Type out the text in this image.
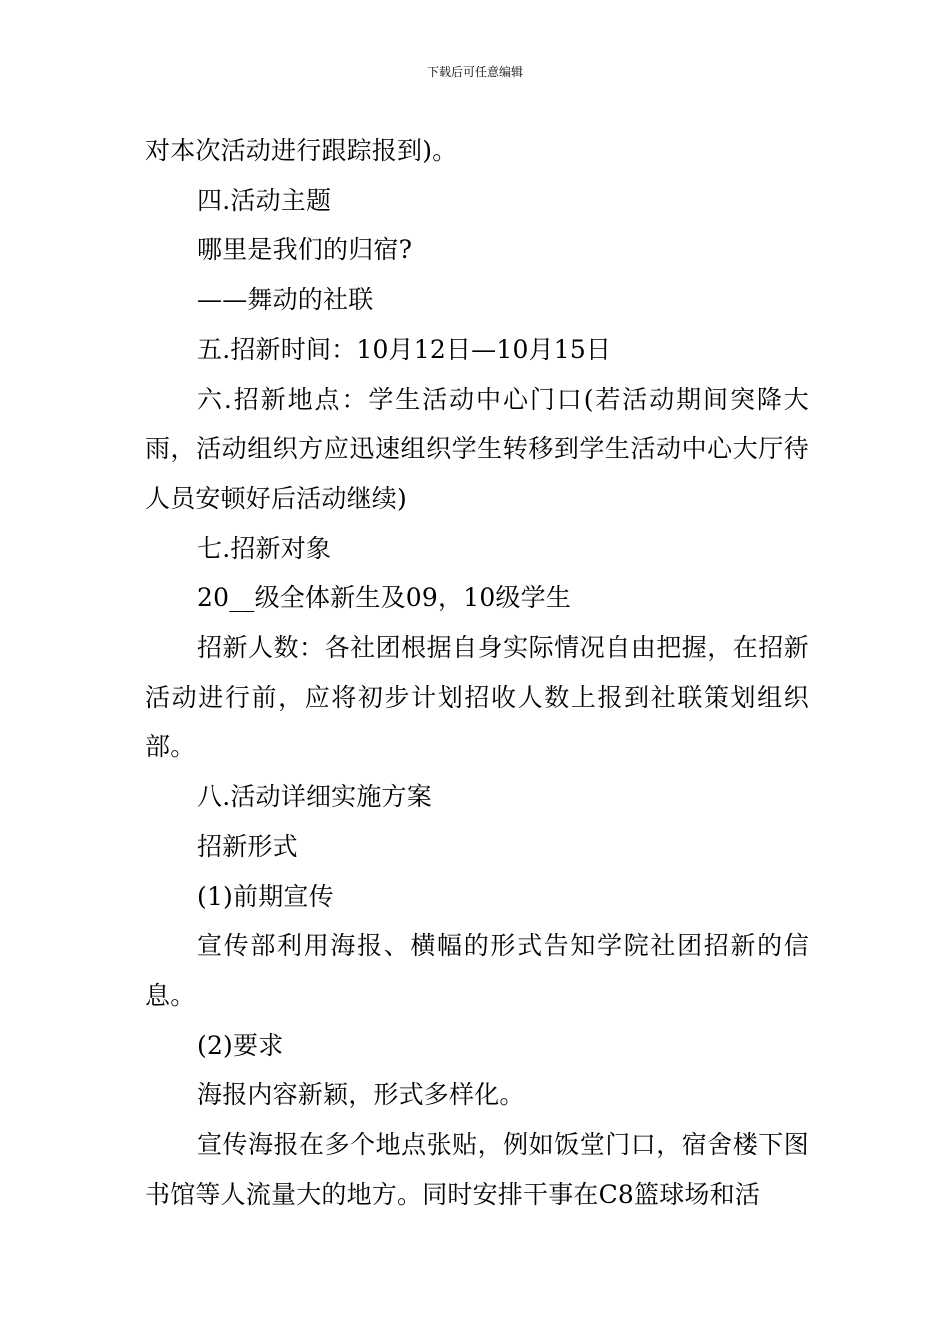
下载后可任意编辑

对本次活动进行跟踪报到)。

四.活动主题

哪里是我们的归宿?

——舞动的社联

五.招新时间：10月12日—10月15日

六.招新地点：学生活动中心门口(若活动期间突降大雨，活动组织方应迅速组织学生转移到学生活动中心大厅待人员安顿好后活动继续)

七.招新对象

20__级全体新生及09，10级学生

招新人数：各社团根据自身实际情况自由把握，在招新活动进行前，应将初步计划招收人数上报到社联策划组织部。

八.活动详细实施方案

招新形式

(1)前期宣传

宣传部利用海报、横幅的形式告知学院社团招新的信息。

(2)要求

海报内容新颖，形式多样化。

宣传海报在多个地点张贴，例如饭堂门口，宿舍楼下图书馆等人流量大的地方。同时安排干事在C8篮球场和活
